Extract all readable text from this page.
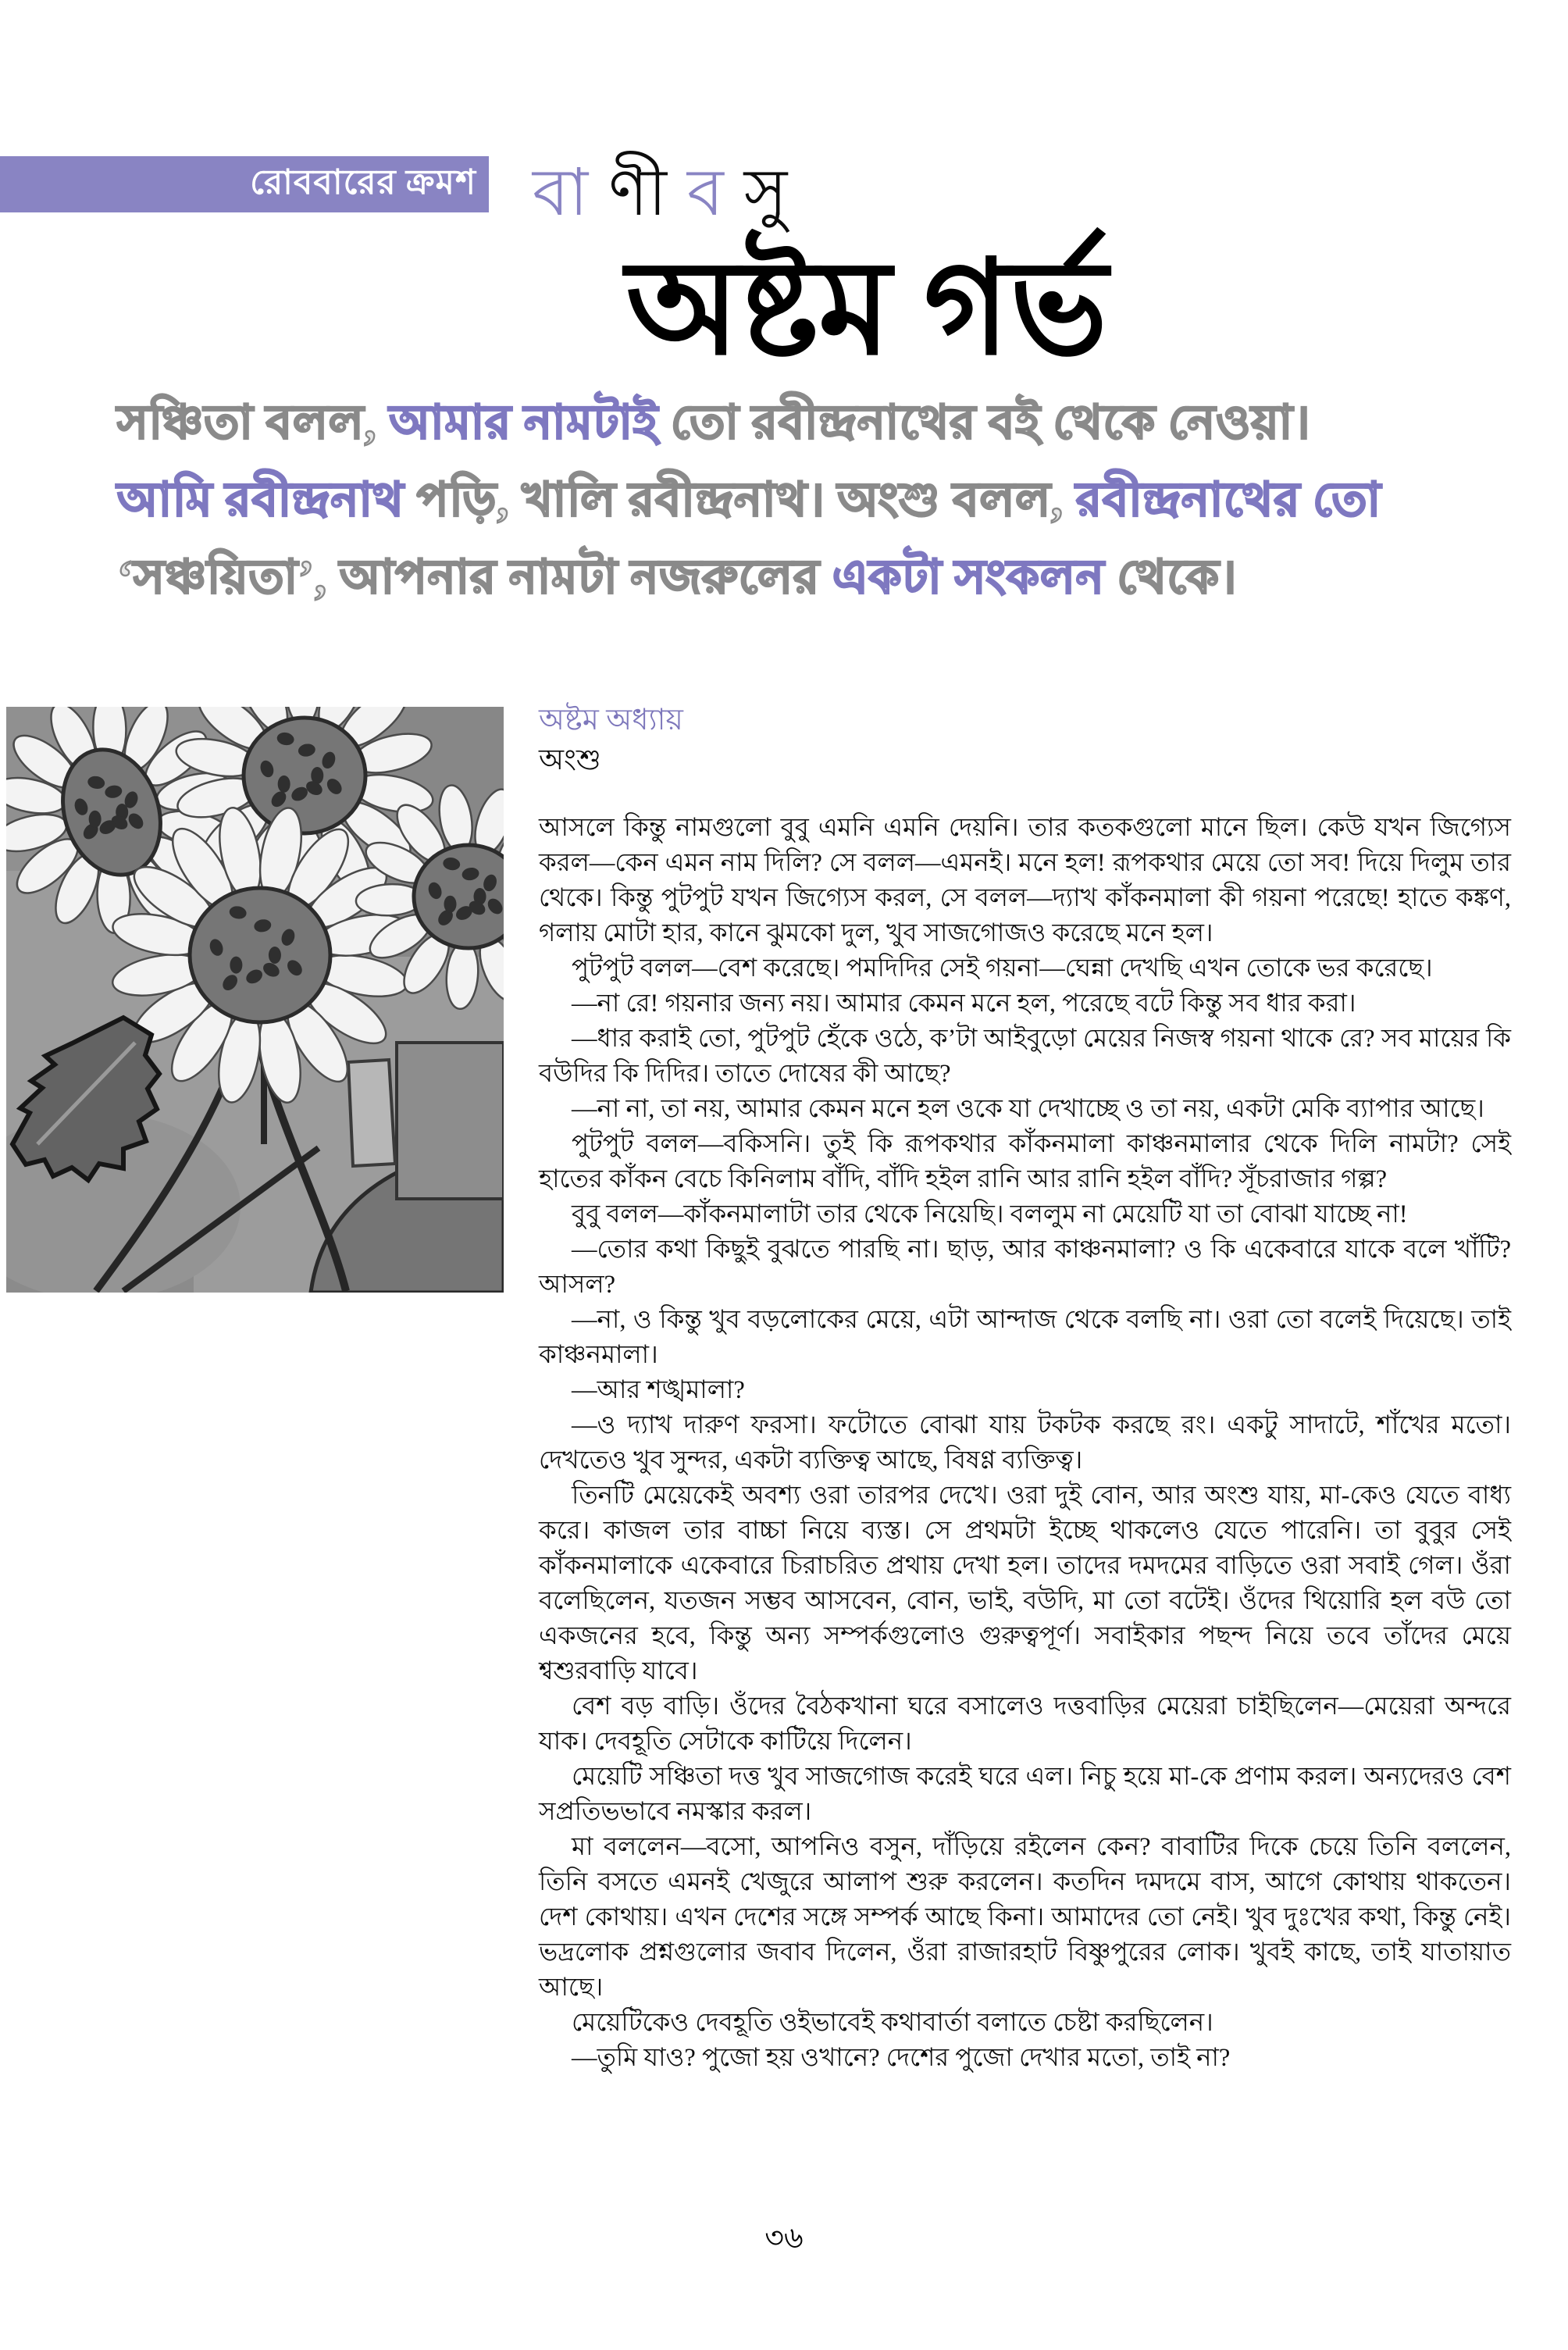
রোববারের ক্রমশ বা ণী ব সু
অষ্টম গর্ভ
সঞ্চিতা বলল, আমার নামটাই তো রবীন্দ্রনাথের বই থেকে নেওয়া।
আমি রবীন্দ্রনাথ পড়ি, খালি রবীন্দ্রনাথ। অংশু বলল, রবীন্দ্রনাথের তো
‘সঞ্চয়িতা’, আপনার নামটা নজরুলের একটা সংকলন থেকে।
অষ্টম অধ্যায়
অংশু

আসলে কিন্তু নামগুলো বুবু এমনি এমনি দেয়নি। তার কতকগুলো মানে ছিল। কেউ যখন জিগ্যেস করল—কেন এমন নাম দিলি? সে বলল—এমনই। মনে হল! রূপকথার মেয়ে তো সব! দিয়ে দিলুম তার থেকে। কিন্তু পুটপুট যখন জিগ্যেস করল, সে বলল—দ্যাখ কাঁকনমালা কী গয়না পরেছে! হাতে কঙ্কণ, গলায় মোটা হার, কানে ঝুমকো দুল, খুব সাজগোজও করেছে মনে হল।

পুটপুট বলল—বেশ করেছে। পমদিদির সেই গয়না—ঘেন্না দেখছি এখন তোকে ভর করেছে।

—না রে! গয়নার জন্য নয়। আমার কেমন মনে হল, পরেছে বটে কিন্তু সব ধার করা।

—ধার করাই তো, পুটপুট হেঁকে ওঠে, ক’টা আইবুড়ো মেয়ের নিজস্ব গয়না থাকে রে? সব মায়ের কি বউদির কি দিদির। তাতে দোষের কী আছে?

—না না, তা নয়, আমার কেমন মনে হল ওকে যা দেখাচ্ছে ও তা নয়, একটা মেকি ব্যাপার আছে।

পুটপুট বলল—বকিসনি। তুই কি রূপকথার কাঁকনমালা কাঞ্চনমালার থেকে দিলি নামটা? সেই হাতের কাঁকন বেচে কিনিলাম বাঁদি, বাঁদি হইল রানি আর রানি হইল বাঁদি? সূঁচরাজার গল্প?

বুবু বলল—কাঁকনমালাটা তার থেকে নিয়েছি। বললুম না মেয়েটি যা তা বোঝা যাচ্ছে না!

—তোর কথা কিছুই বুঝতে পারছি না। ছাড়, আর কাঞ্চনমালা? ও কি একেবারে যাকে বলে খাঁটি? আসল?

—না, ও কিন্তু খুব বড়লোকের মেয়ে, এটা আন্দাজ থেকে বলছি না। ওরা তো বলেই দিয়েছে। তাই কাঞ্চনমালা।

—আর শঙ্খমালা?

—ও দ্যাখ দারুণ ফরসা। ফটোতে বোঝা যায় টকটক করছে রং। একটু সাদাটে, শাঁখের মতো। দেখতেও খুব সুন্দর, একটা ব্যক্তিত্ব আছে, বিষণ্ণ ব্যক্তিত্ব।

তিনটি মেয়েকেই অবশ্য ওরা তারপর দেখে। ওরা দুই বোন, আর অংশু যায়, মা-কেও যেতে বাধ্য করে। কাজল তার বাচ্চা নিয়ে ব্যস্ত। সে প্রথমটা ইচ্ছে থাকলেও যেতে পারেনি। তা বুবুর সেই কাঁকনমালাকে একেবারে চিরাচরিত প্রথায় দেখা হল। তাদের দমদমের বাড়িতে ওরা সবাই গেল। ওঁরা বলেছিলেন, যতজন সম্ভব আসবেন, বোন, ভাই, বউদি, মা তো বটেই। ওঁদের থিয়োরি হল বউ তো একজনের হবে, কিন্তু অন্য সম্পর্কগুলোও গুরুত্বপূর্ণ। সবাইকার পছন্দ নিয়ে তবে তাঁদের মেয়ে শ্বশুরবাড়ি যাবে।

বেশ বড় বাড়ি। ওঁদের বৈঠকখানা ঘরে বসালেও দত্তবাড়ির মেয়েরা চাইছিলেন—মেয়েরা অন্দরে যাক। দেবহূতি সেটাকে কাটিয়ে দিলেন।

মেয়েটি সঞ্চিতা দত্ত খুব সাজগোজ করেই ঘরে এল। নিচু হয়ে মা-কে প্রণাম করল। অন্যদেরও বেশ সপ্রতিভভাবে নমস্কার করল।

মা বললেন—বসো, আপনিও বসুন, দাঁড়িয়ে রইলেন কেন? বাবাটির দিকে চেয়ে তিনি বললেন, তিনি বসতে এমনই খেজুরে আলাপ শুরু করলেন। কতদিন দমদমে বাস, আগে কোথায় থাকতেন। দেশ কোথায়। এখন দেশের সঙ্গে সম্পর্ক আছে কিনা। আমাদের তো নেই। খুব দুঃখের কথা, কিন্তু নেই। ভদ্রলোক প্রশ্নগুলোর জবাব দিলেন, ওঁরা রাজারহাট বিষ্ণুপুরের লোক। খুবই কাছে, তাই যাতায়াত আছে।

মেয়েটিকেও দেবহূতি ওইভাবেই কথাবার্তা বলাতে চেষ্টা করছিলেন।

—তুমি যাও? পুজো হয় ওখানে? দেশের পুজো দেখার মতো, তাই না?

৩৬
